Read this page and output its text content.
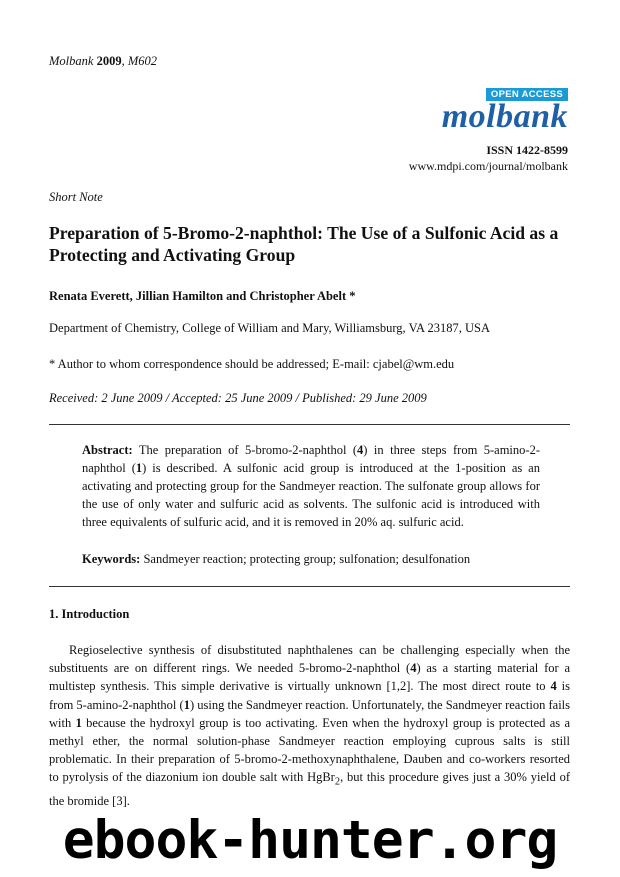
Molbank 2009, M602
OPEN ACCESS
molbank
ISSN 1422-8599
www.mdpi.com/journal/molbank
Short Note
Preparation of 5-Bromo-2-naphthol: The Use of a Sulfonic Acid as a Protecting and Activating Group
Renata Everett, Jillian Hamilton and Christopher Abelt *
Department of Chemistry, College of William and Mary, Williamsburg, VA 23187, USA
* Author to whom correspondence should be addressed; E-mail: cjabel@wm.edu
Received: 2 June 2009 / Accepted: 25 June 2009 / Published: 29 June 2009
Abstract: The preparation of 5-bromo-2-naphthol (4) in three steps from 5-amino-2-naphthol (1) is described. A sulfonic acid group is introduced at the 1-position as an activating and protecting group for the Sandmeyer reaction. The sulfonate group allows for the use of only water and sulfuric acid as solvents. The sulfonic acid is introduced with three equivalents of sulfuric acid, and it is removed in 20% aq. sulfuric acid.
Keywords: Sandmeyer reaction; protecting group; sulfonation; desulfonation
1. Introduction
Regioselective synthesis of disubstituted naphthalenes can be challenging especially when the substituents are on different rings. We needed 5-bromo-2-naphthol (4) as a starting material for a multistep synthesis. This simple derivative is virtually unknown [1,2]. The most direct route to 4 is from 5-amino-2-naphthol (1) using the Sandmeyer reaction. Unfortunately, the Sandmeyer reaction fails with 1 because the hydroxyl group is too activating. Even when the hydroxyl group is protected as a methyl ether, the normal solution-phase Sandmeyer reaction employing cuprous salts is still problematic. In their preparation of 5-bromo-2-methoxynaphthalene, Dauben and co-workers resorted to pyrolysis of the diazonium ion double salt with HgBr$_2$, but this procedure gives just a 30% yield of the bromide [3].
ebook-hunter.org
